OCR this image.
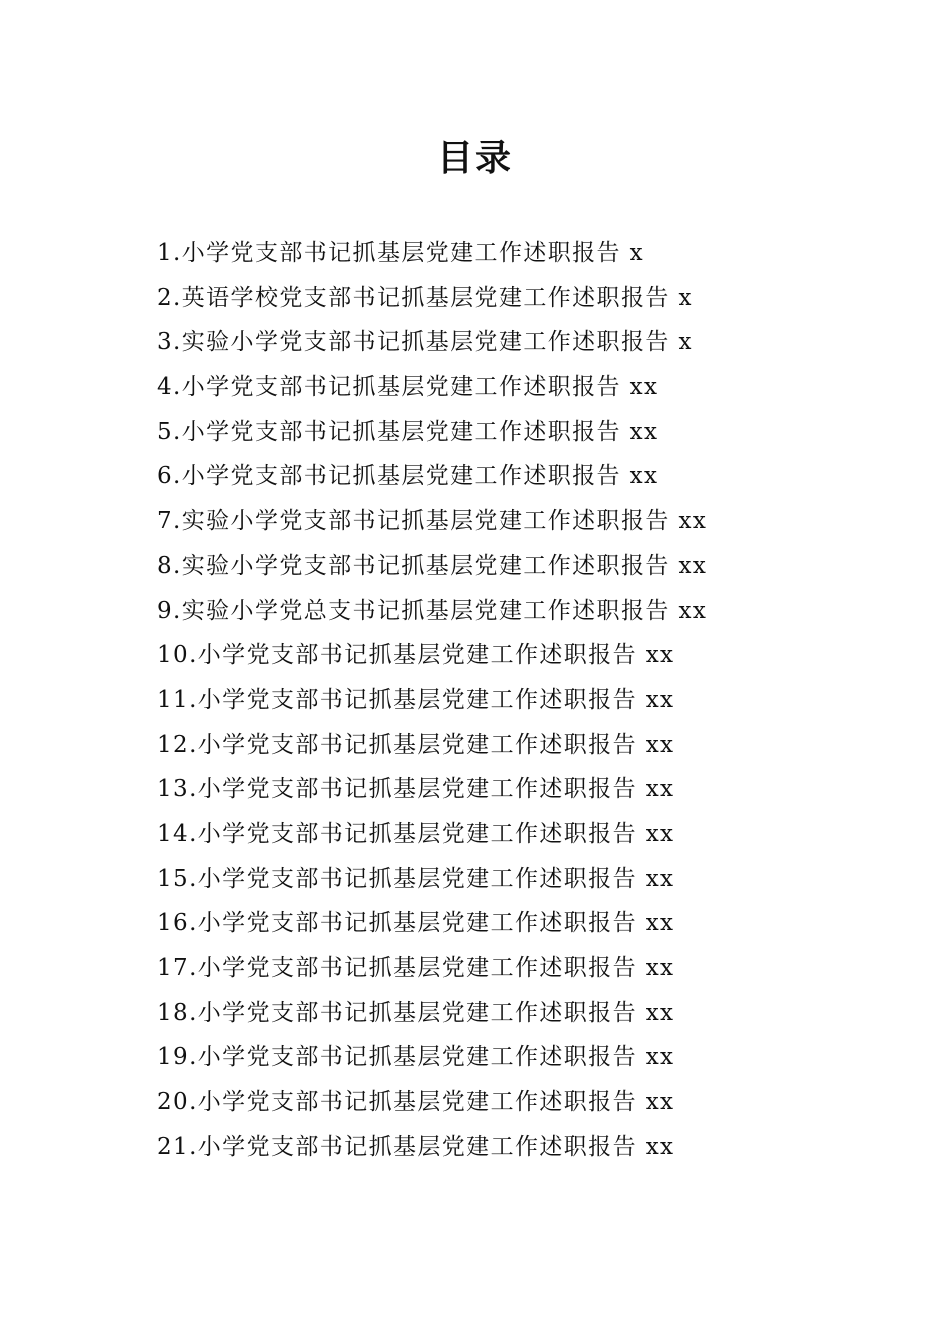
目录
1.小学党支部书记抓基层党建工作述职报告 x
2.英语学校党支部书记抓基层党建工作述职报告 x
3.实验小学党支部书记抓基层党建工作述职报告 x
4.小学党支部书记抓基层党建工作述职报告 xx
5.小学党支部书记抓基层党建工作述职报告 xx
6.小学党支部书记抓基层党建工作述职报告 xx
7.实验小学党支部书记抓基层党建工作述职报告 xx
8.实验小学党支部书记抓基层党建工作述职报告 xx
9.实验小学党总支书记抓基层党建工作述职报告 xx
10.小学党支部书记抓基层党建工作述职报告 xx
11.小学党支部书记抓基层党建工作述职报告 xx
12.小学党支部书记抓基层党建工作述职报告 xx
13.小学党支部书记抓基层党建工作述职报告 xx
14.小学党支部书记抓基层党建工作述职报告 xx
15.小学党支部书记抓基层党建工作述职报告 xx
16.小学党支部书记抓基层党建工作述职报告 xx
17.小学党支部书记抓基层党建工作述职报告 xx
18.小学党支部书记抓基层党建工作述职报告 xx
19.小学党支部书记抓基层党建工作述职报告 xx
20.小学党支部书记抓基层党建工作述职报告 xx
21.小学党支部书记抓基层党建工作述职报告 xx
